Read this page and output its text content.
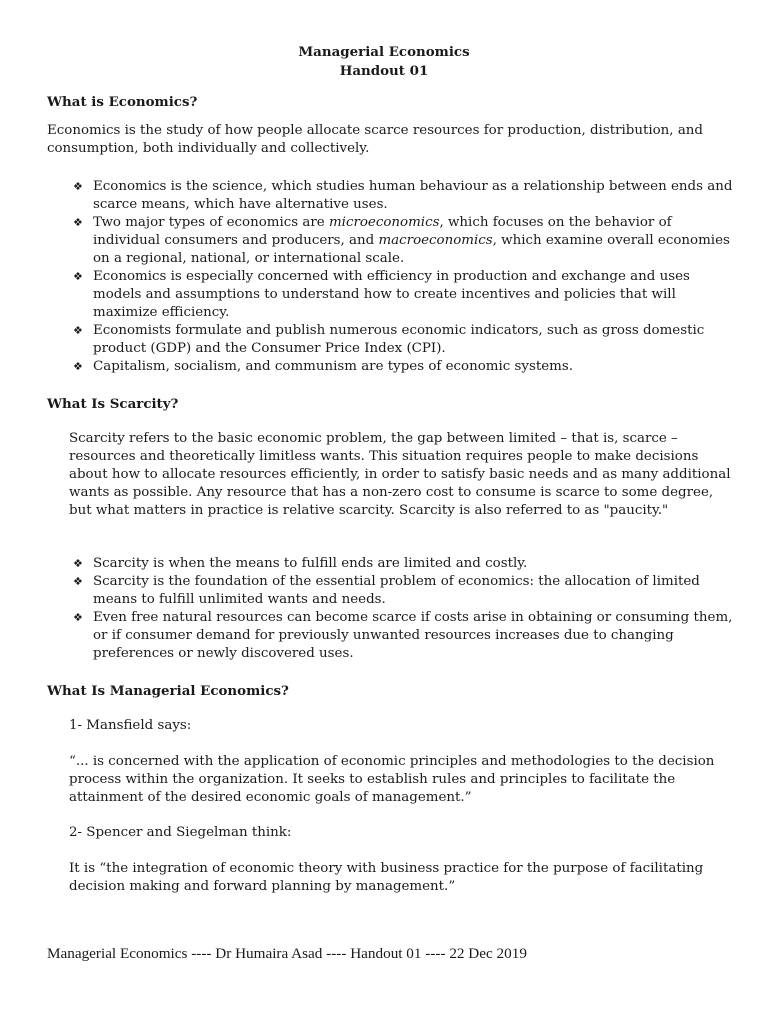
Managerial Economics
Handout 01
What is Economics?

Economics is the study of how people allocate scarce resources for production, distribution, and consumption, both individually and collectively.

❖ Economics is the science, which studies human behaviour as a relationship between ends and scarce means, which have alternative uses.
❖ Two major types of economics are microeconomics, which focuses on the behavior of individual consumers and producers, and macroeconomics, which examine overall economies on a regional, national, or international scale.
❖ Economics is especially concerned with efficiency in production and exchange and uses models and assumptions to understand how to create incentives and policies that will maximize efficiency.
❖ Economists formulate and publish numerous economic indicators, such as gross domestic product (GDP) and the Consumer Price Index (CPI).
❖ Capitalism, socialism, and communism are types of economic systems.
What Is Scarcity?

Scarcity refers to the basic economic problem, the gap between limited – that is, scarce – resources and theoretically limitless wants. This situation requires people to make decisions about how to allocate resources efficiently, in order to satisfy basic needs and as many additional wants as possible. Any resource that has a non-zero cost to consume is scarce to some degree, but what matters in practice is relative scarcity. Scarcity is also referred to as "paucity."

❖ Scarcity is when the means to fulfill ends are limited and costly.
❖ Scarcity is the foundation of the essential problem of economics: the allocation of limited means to fulfill unlimited wants and needs.
❖ Even free natural resources can become scarce if costs arise in obtaining or consuming them, or if consumer demand for previously unwanted resources increases due to changing preferences or newly discovered uses.
What Is Managerial Economics?
1- Mansfield says:

“... is concerned with the application of economic principles and methodologies to the decision process within the organization. It seeks to establish rules and principles to facilitate the attainment of the desired economic goals of management.”

2- Spencer and Siegelman think:

It is “the integration of economic theory with business practice for the purpose of facilitating decision making and forward planning by management.”

Managerial Economics ---- Dr Humaira Asad ---- Handout 01 ---- 22 Dec 2019
